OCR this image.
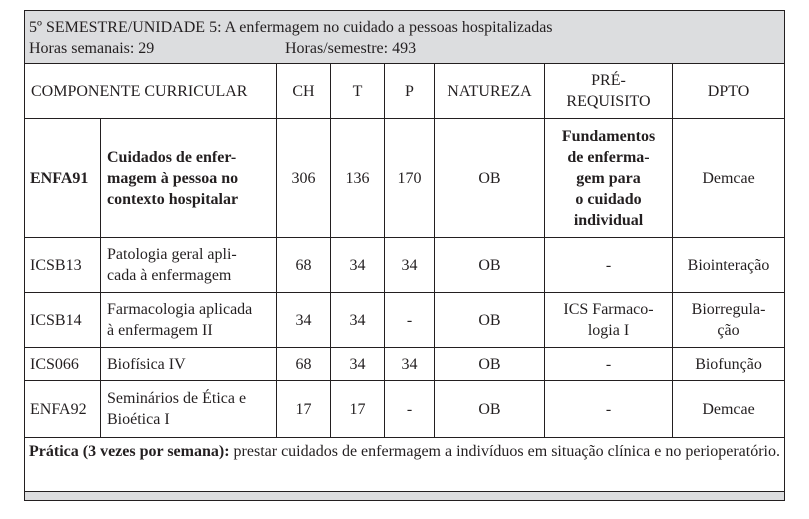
5º SEMESTRE/UNIDADE 5: A enfermagem no cuidado a pessoas hospitalizadas
Horas semanais: 29 Horas/semestre: 493							

COMPONENTE CURRICULAR		CH	T	P	NATUREZA	PRÉ-
REQUISITO	DPTO
ENFA91	Cuidados de enfer-
magem à pessoa no
contexto hospitalar	306	136	170	OB	Fundamentos
de enferma-
gem para
o cuidado
individual	Demcae
ICSB13	Patologia geral apli-
cada à enfermagem	68	34	34	OB	-	Biointeração
ICSB14	Farmacologia aplicada
à enfermagem II	34	34	-	OB	ICS Farmaco-
logia I	Biorregula-
ção
ICS066	Biofísica IV	68	34	34	OB	-	Biofunção
ENFA92	Seminários de Ética e
Bioética I	17	17	-	OB	-	Demcae
Prática (3 vezes por semana): prestar cuidados de enfermagem a indivíduos em situação clínica e no perioperatório.							
